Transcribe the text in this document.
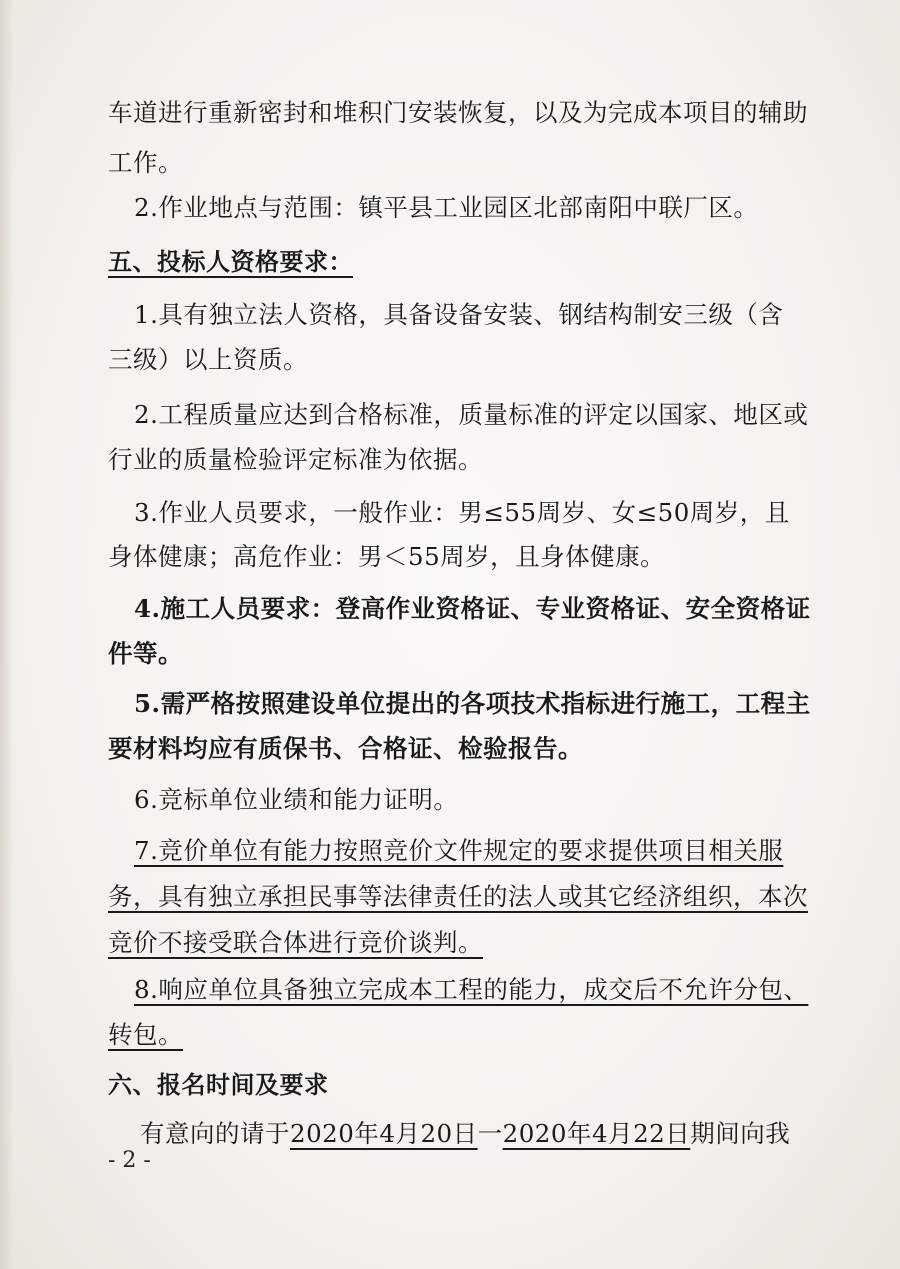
车道进行重新密封和堆积门安装恢复，以及为完成本项目的辅助
工作。
2.作业地点与范围：镇平县工业园区北部南阳中联厂区。
五、投标人资格要求：
1.具有独立法人资格，具备设备安装、钢结构制安三级（含
三级）以上资质。
2.工程质量应达到合格标准，质量标准的评定以国家、地区或
行业的质量检验评定标准为依据。
3.作业人员要求，一般作业：男≤55周岁、女≤50周岁，且
身体健康；高危作业：男＜55周岁，且身体健康。
4.施工人员要求：登高作业资格证、专业资格证、安全资格证
件等。
5.需严格按照建设单位提出的各项技术指标进行施工，工程主
要材料均应有质保书、合格证、检验报告。
6.竞标单位业绩和能力证明。
7.竞价单位有能力按照竞价文件规定的要求提供项目相关服
务，具有独立承担民事等法律责任的法人或其它经济组织，本次
竞价不接受联合体进行竞价谈判。
8.响应单位具备独立完成本工程的能力，成交后不允许分包、
转包。
六、报名时间及要求
有意向的请于2020年4月20日一2020年4月22日期间向我
- 2 -
